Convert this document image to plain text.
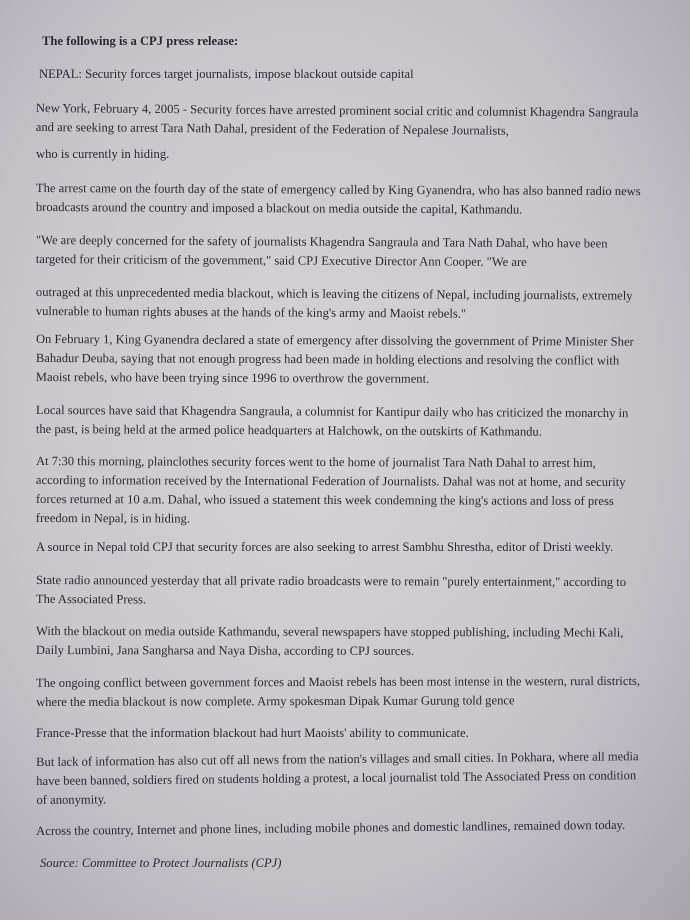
The following is a CPJ press release:

NEPAL: Security forces target journalists, impose blackout outside capital

New York, February 4, 2005 - Security forces have arrested prominent social critic and columnist Khagendra Sangraula
and are seeking to arrest Tara Nath Dahal, president of the Federation of Nepalese Journalists,

who is currently in hiding.

The arrest came on the fourth day of the state of emergency called by King Gyanendra, who has also banned radio news
broadcasts around the country and imposed a blackout on media outside the capital, Kathmandu.

"We are deeply concerned for the safety of journalists Khagendra Sangraula and Tara Nath Dahal, who have been
targeted for their criticism of the government," said CPJ Executive Director Ann Cooper. "We are

outraged at this unprecedented media blackout, which is leaving the citizens of Nepal, including journalists, extremely
vulnerable to human rights abuses at the hands of the king's army and Maoist rebels."

On February 1, King Gyanendra declared a state of emergency after dissolving the government of Prime Minister Sher
Bahadur Deuba, saying that not enough progress had been made in holding elections and resolving the conflict with
Maoist rebels, who have been trying since 1996 to overthrow the government.

Local sources have said that Khagendra Sangraula, a columnist for Kantipur daily who has criticized the monarchy in
the past, is being held at the armed police headquarters at Halchowk, on the outskirts of Kathmandu.

At 7:30 this morning, plainclothes security forces went to the home of journalist Tara Nath Dahal to arrest him,
according to information received by the International Federation of Journalists. Dahal was not at home, and security
forces returned at 10 a.m. Dahal, who issued a statement this week condemning the king's actions and loss of press
freedom in Nepal, is in hiding.

A source in Nepal told CPJ that security forces are also seeking to arrest Sambhu Shrestha, editor of Dristi weekly.

State radio announced yesterday that all private radio broadcasts were to remain "purely entertainment," according to
The Associated Press.

With the blackout on media outside Kathmandu, several newspapers have stopped publishing, including Mechi Kali,
Daily Lumbini, Jana Sangharsa and Naya Disha, according to CPJ sources.

The ongoing conflict between government forces and Maoist rebels has been most intense in the western, rural districts,
where the media blackout is now complete. Army spokesman Dipak Kumar Gurung told gence

France-Presse that the information blackout had hurt Maoists' ability to communicate.

But lack of information has also cut off all news from the nation's villages and small cities. In Pokhara, where all media
have been banned, soldiers fired on students holding a protest, a local journalist told The Associated Press on condition
of anonymity.

Across the country, Internet and phone lines, including mobile phones and domestic landlines, remained down today.

Source: Committee to Protect Journalists (CPJ)
